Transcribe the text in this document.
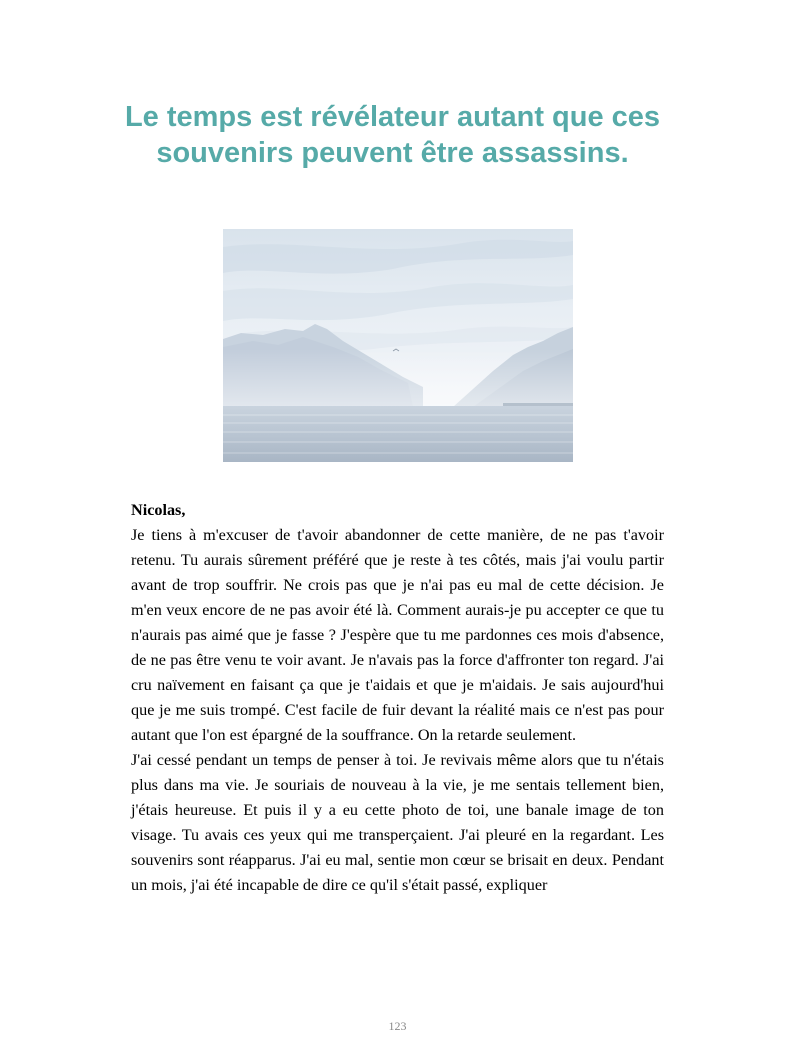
Le temps est révélateur autant que ces souvenirs peuvent être assassins.

Nicolas,

Je tiens à m'excuser de t'avoir abandonner de cette manière, de ne pas t'avoir retenu. Tu aurais sûrement préféré que je reste à tes côtés, mais j'ai voulu partir avant de trop souffrir. Ne crois pas que je n'ai pas eu mal de cette décision. Je m'en veux encore de ne pas avoir été là. Comment aurais-je pu accepter ce que tu n'aurais pas aimé que je fasse ? J'espère que tu me pardonnes ces mois d'absence, de ne pas être venu te voir avant. Je n'avais pas la force d'affronter ton regard. J'ai cru naïvement en faisant ça que je t'aidais et que je m'aidais. Je sais aujourd'hui que je me suis trompé. C'est facile de fuir devant la réalité mais ce n'est pas pour autant que l'on est épargné de la souffrance. On la retarde seulement.

J'ai cessé pendant un temps de penser à toi. Je revivais même alors que tu n'étais plus dans ma vie. Je souriais de nouveau à la vie, je me sentais tellement bien, j'étais heureuse. Et puis il y a eu cette photo de toi, une banale image de ton visage. Tu avais ces yeux qui me transperçaient. J'ai pleuré en la regardant. Les souvenirs sont réapparus. J'ai eu mal, sentie mon cœur se brisait en deux. Pendant un mois, j'ai été incapable de dire ce qu'il s'était passé, expliquer

123
